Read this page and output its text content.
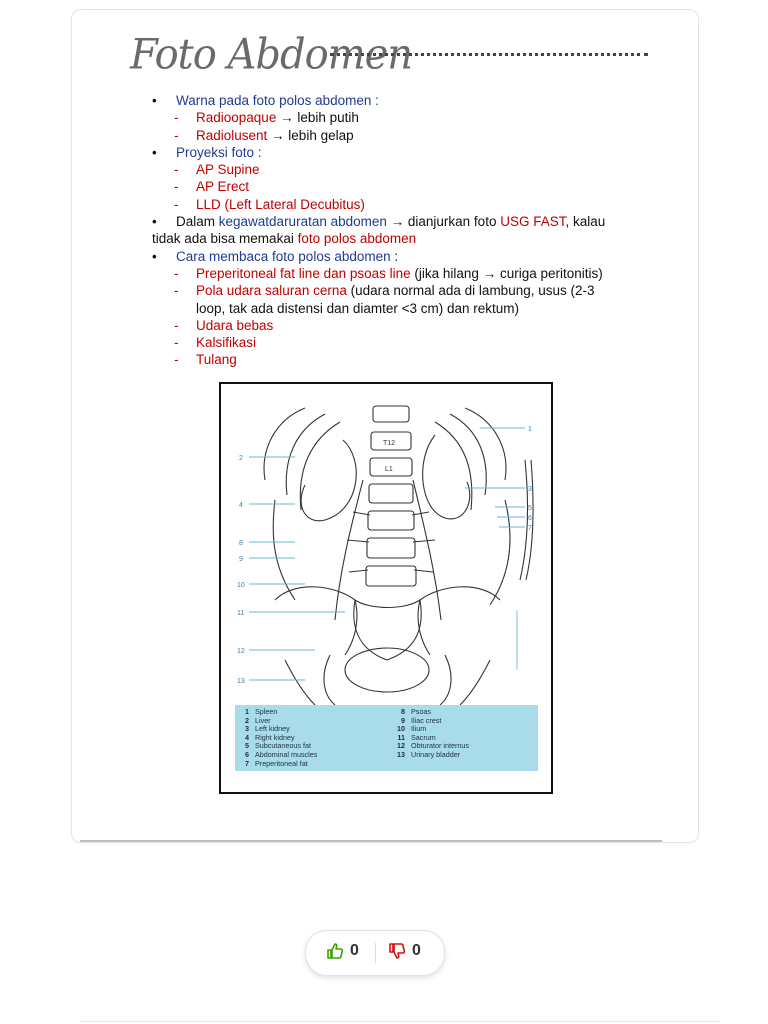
Foto Abdomen
• Warna pada foto polos abdomen :
- Radioopaque → lebih putih
- Radiolusent → lebih gelap
• Proyeksi foto :
- AP Supine
- AP Erect
- LLD (Left Lateral Decubitus)
• Dalam kegawatdaruratan abdomen → dianjurkan foto USG FAST, kalau
tidak ada bisa memakai foto polos abdomen
• Cara membaca foto polos abdomen :
- Preperitoneal fat line dan psoas line (jika hilang → curiga peritonitis)
- Pola udara saluran cerna (udara normal ada di lambung, usus (2-3
loop, tak ada distensi dan diamter <3 cm) dan rektum)
- Udara bebas
- Kalsifikasi
- Tulang
2
4
8
9
10
11
12
13
1
3
5
6
7
T12
L1
1 Spleen
2 Liver
3 Left kidney
4 Right kidney
5 Subcutaneous fat
6 Abdominal muscles
7 Preperitoneal fat
8 Psoas
9 Iliac crest
10 Ilium
11 Sacrum
12 Obturator internus
13 Urinary bladder
0	0
